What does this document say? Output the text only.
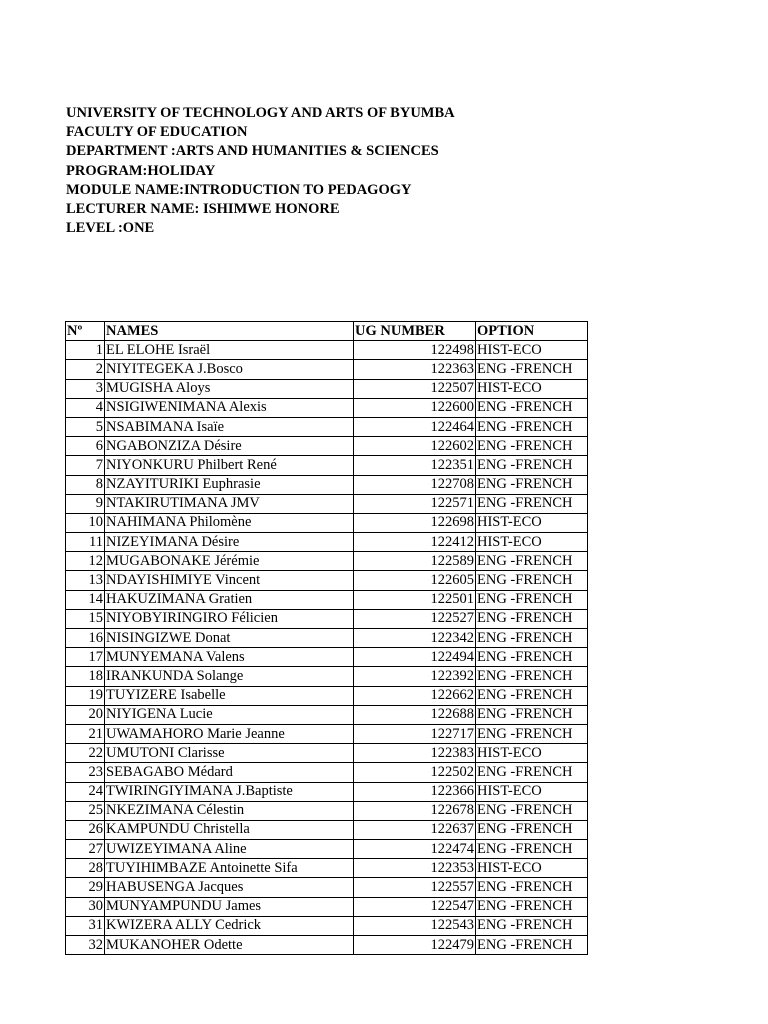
UNIVERSITY OF TECHNOLOGY AND ARTS OF BYUMBA
FACULTY OF EDUCATION
DEPARTMENT :ARTS AND HUMANITIES & SCIENCES
PROGRAM:HOLIDAY
MODULE NAME:INTRODUCTION TO PEDAGOGY
LECTURER NAME: ISHIMWE HONORE
LEVEL :ONE
Nº	NAMES	UG NUMBER	OPTION
1	EL ELOHE Israël	122498	HIST-ECO
2	NIYITEGEKA J.Bosco	122363	ENG -FRENCH
3	MUGISHA Aloys	122507	HIST-ECO
4	NSIGIWENIMANA Alexis	122600	ENG -FRENCH
5	NSABIMANA Isaïe	122464	ENG -FRENCH
6	NGABONZIZA Désire	122602	ENG -FRENCH
7	NIYONKURU Philbert René	122351	ENG -FRENCH
8	NZAYITURIKI Euphrasie	122708	ENG -FRENCH
9	NTAKIRUTIMANA JMV	122571	ENG -FRENCH
10	NAHIMANA Philomène	122698	HIST-ECO
11	NIZEYIMANA Désire	122412	HIST-ECO
12	MUGABONAKE Jérémie	122589	ENG -FRENCH
13	NDAYISHIMIYE Vincent	122605	ENG -FRENCH
14	HAKUZIMANA Gratien	122501	ENG -FRENCH
15	NIYOBYIRINGIRO Félicien	122527	ENG -FRENCH
16	NISINGIZWE Donat	122342	ENG -FRENCH
17	MUNYEMANA Valens	122494	ENG -FRENCH
18	IRANKUNDA Solange	122392	ENG -FRENCH
19	TUYIZERE Isabelle	122662	ENG -FRENCH
20	NIYIGENA Lucie	122688	ENG -FRENCH
21	UWAMAHORO Marie Jeanne	122717	ENG -FRENCH
22	UMUTONI Clarisse	122383	HIST-ECO
23	SEBAGABO Médard	122502	ENG -FRENCH
24	TWIRINGIYIMANA J.Baptiste	122366	HIST-ECO
25	NKEZIMANA Célestin	122678	ENG -FRENCH
26	KAMPUNDU Christella	122637	ENG -FRENCH
27	UWIZEYIMANA Aline	122474	ENG -FRENCH
28	TUYIHIMBAZE Antoinette Sifa	122353	HIST-ECO
29	HABUSENGA Jacques	122557	ENG -FRENCH
30	MUNYAMPUNDU James	122547	ENG -FRENCH
31	KWIZERA ALLY Cedrick	122543	ENG -FRENCH
32	MUKANOHER Odette	122479	ENG -FRENCH
